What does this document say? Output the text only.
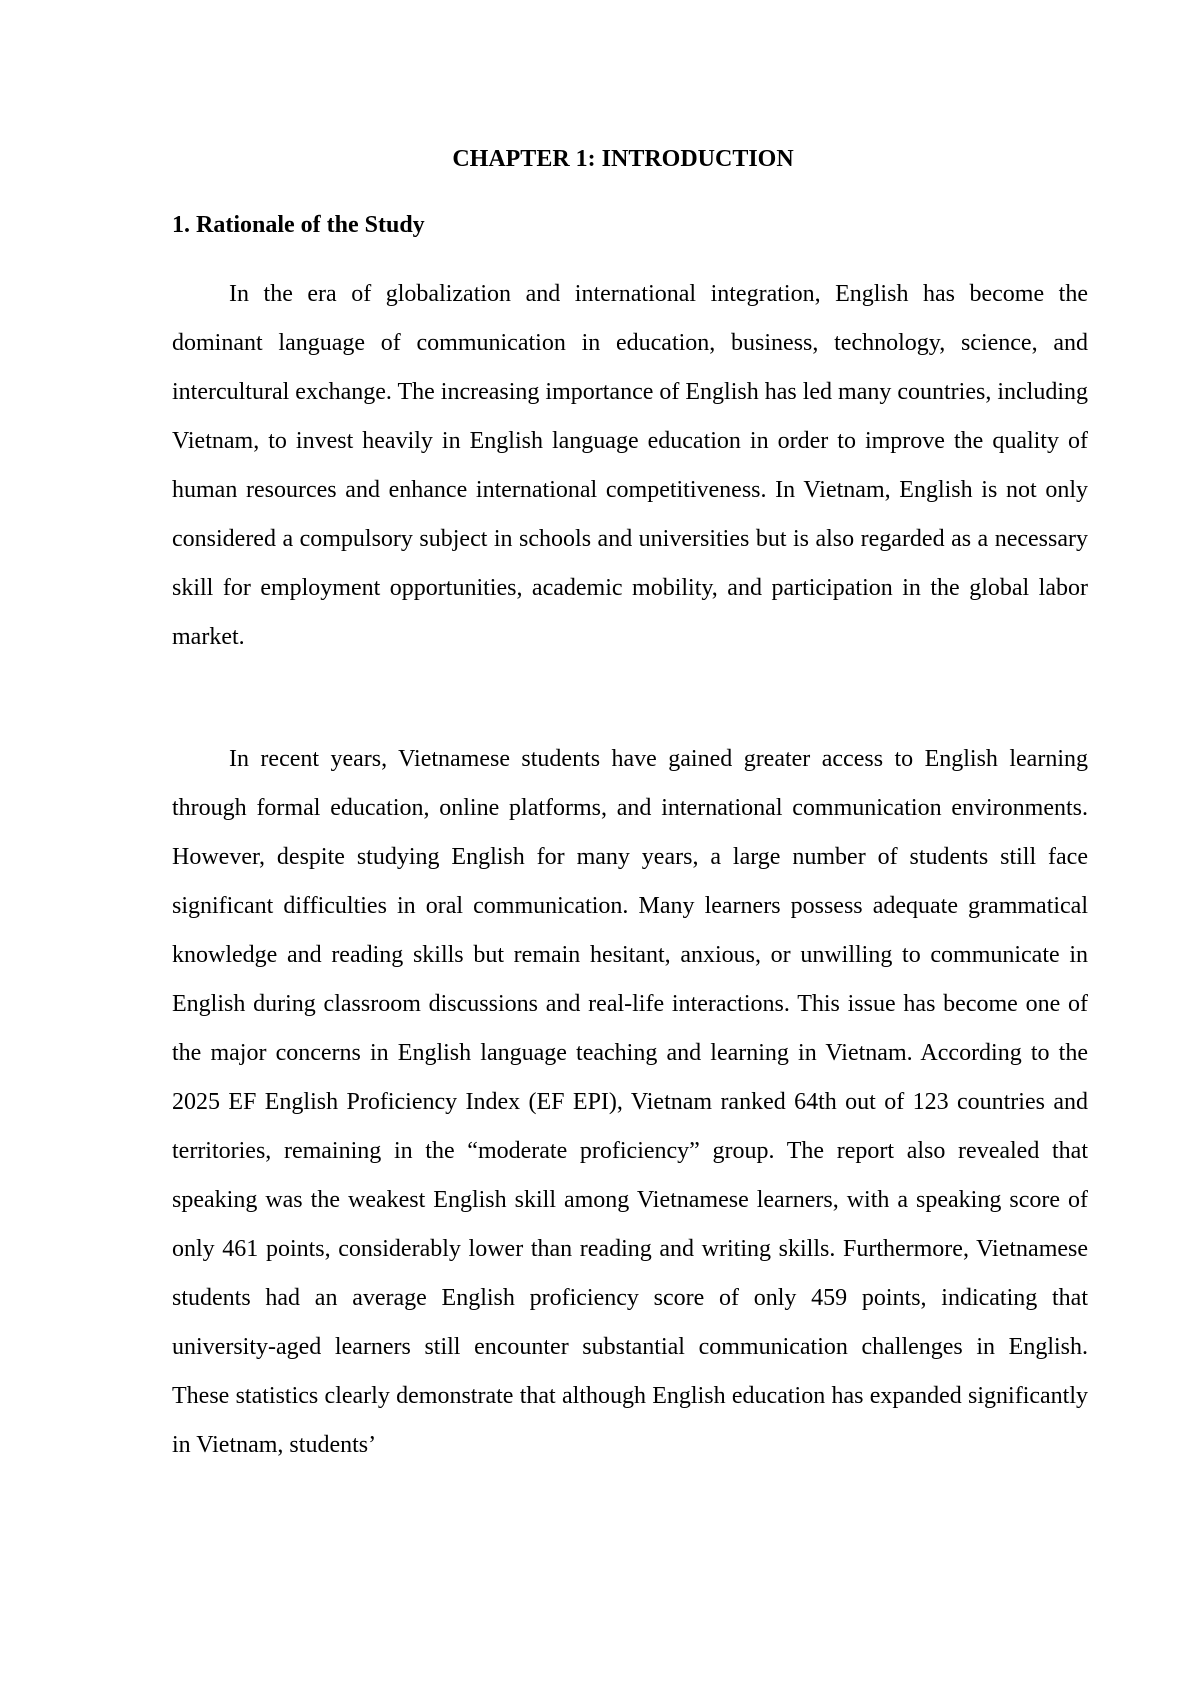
CHAPTER 1: INTRODUCTION
1. Rationale of the Study

In the era of globalization and international integration, English has become the dominant language of communication in education, business, technology, science, and intercultural exchange. The increasing importance of English has led many countries, including Vietnam, to invest heavily in English language education in order to improve the quality of human resources and enhance international competitiveness. In Vietnam, English is not only considered a compulsory subject in schools and universities but is also regarded as a necessary skill for employment opportunities, academic mobility, and participation in the global labor market.

In recent years, Vietnamese students have gained greater access to English learning through formal education, online platforms, and international communication environments. However, despite studying English for many years, a large number of students still face significant difficulties in oral communication. Many learners possess adequate grammatical knowledge and reading skills but remain hesitant, anxious, or unwilling to communicate in English during classroom discussions and real-life interactions. This issue has become one of the major concerns in English language teaching and learning in Vietnam. According to the 2025 EF English Proficiency Index (EF EPI), Vietnam ranked 64th out of 123 countries and territories, remaining in the “moderate proficiency” group. The report also revealed that speaking was the weakest English skill among Vietnamese learners, with a speaking score of only 461 points, considerably lower than reading and writing skills. Furthermore, Vietnamese students had an average English proficiency score of only 459 points, indicating that university-aged learners still encounter substantial communication challenges in English. These statistics clearly demonstrate that although English education has expanded significantly in Vietnam, students’
